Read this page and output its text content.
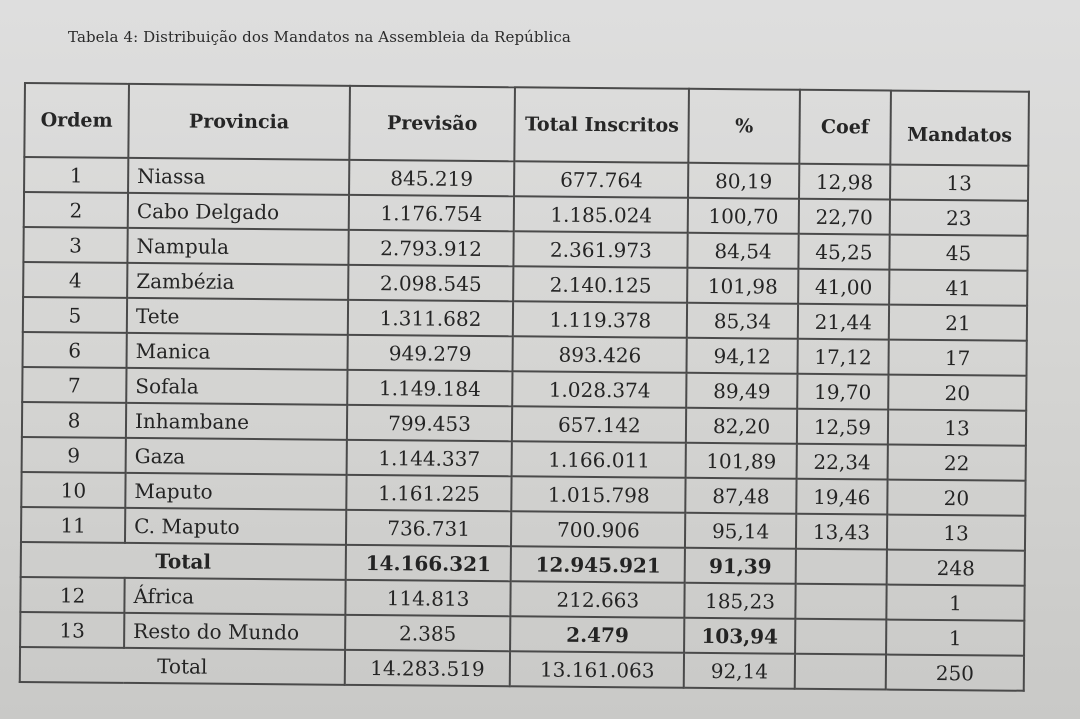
Tabela 4: Distribuição dos Mandatos na Assembleia da República
Ordem	Provincia	Previsão	Total Inscritos	%	Coef	Mandatos
1	Niassa	845.219	677.764	80,19	12,98	13
2	Cabo Delgado	1.176.754	1.185.024	100,70	22,70	23
3	Nampula	2.793.912	2.361.973	84,54	45,25	45
4	Zambézia	2.098.545	2.140.125	101,98	41,00	41
5	Tete	1.311.682	1.119.378	85,34	21,44	21
6	Manica	949.279	893.426	94,12	17,12	17
7	Sofala	1.149.184	1.028.374	89,49	19,70	20
8	Inhambane	799.453	657.142	82,20	12,59	13
9	Gaza	1.144.337	1.166.011	101,89	22,34	22
10	Maputo	1.161.225	1.015.798	87,48	19,46	20
11	C. Maputo	736.731	700.906	95,14	13,43	13
Total		14.166.321	12.945.921	91,39		248
12	África	114.813	212.663	185,23		1
13	Resto do Mundo	2.385	2.479	103,94		1
Total		14.283.519	13.161.063	92,14		250
